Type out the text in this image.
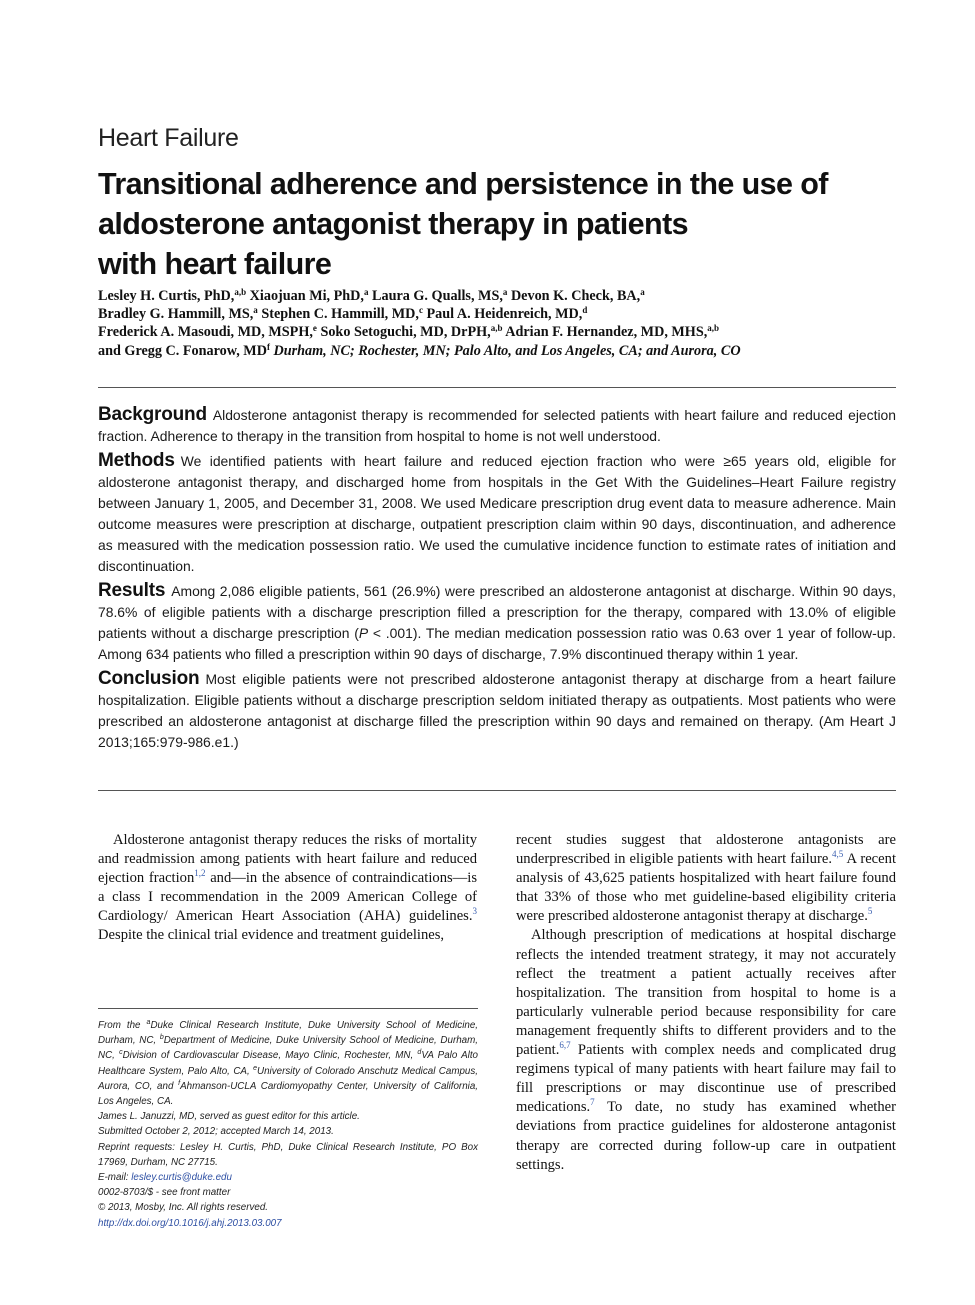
Heart Failure
Transitional adherence and persistence in the use of
aldosterone antagonist therapy in patients
with heart failure
Lesley H. Curtis, PhD,$^{a,b}$ Xiaojuan Mi, PhD,$^a$ Laura G. Qualls, MS,$^a$ Devon K. Check, BA,$^a$
Bradley G. Hammill, MS,$^a$ Stephen C. Hammill, MD,$^c$ Paul A. Heidenreich, MD,$^d$
Frederick A. Masoudi, MD, MSPH,$^e$ Soko Setoguchi, MD, DrPH,$^{a,b}$ Adrian F. Hernandez, MD, MHS,$^{a,b}$
and Gregg C. Fonarow, $MD^f$ Durham, NC; Rochester, MN; Palo Alto, and Los Angeles, CA; and Aurora, CO

Background Aldosterone antagonist therapy is recommended for selected patients with heart failure and reduced ejection fraction. Adherence to therapy in the transition from hospital to home is not well understood.

Methods We identified patients with heart failure and reduced ejection fraction who were ≥65 years old, eligible for aldosterone antagonist therapy, and discharged home from hospitals in the Get With the Guidelines–Heart Failure registry between January 1, 2005, and December 31, 2008. We used Medicare prescription drug event data to measure adherence. Main outcome measures were prescription at discharge, outpatient prescription claim within 90 days, discontinuation, and adherence as measured with the medication possession ratio. We used the cumulative incidence function to estimate rates of initiation and discontinuation.

Results Among 2,086 eligible patients, 561 (26.9%) were prescribed an aldosterone antagonist at discharge. Within 90 days, 78.6% of eligible patients with a discharge prescription filled a prescription for the therapy, compared with 13.0% of eligible patients without a discharge prescription (P < .001). The median medication possession ratio was 0.63 over 1 year of follow-up. Among 634 patients who filled a prescription within 90 days of discharge, 7.9% discontinued therapy within 1 year.

Conclusion Most eligible patients were not prescribed aldosterone antagonist therapy at discharge from a heart failure hospitalization. Eligible patients without a discharge prescription seldom initiated therapy as outpatients. Most patients who were prescribed an aldosterone antagonist at discharge filled the prescription within 90 days and remained on therapy. (Am Heart J 2013;165:979-986.e1.)

Aldosterone antagonist therapy reduces the risks of mortality and readmission among patients with heart failure and reduced ejection fraction$^{1,2}$ and—in the absence of contraindications—is a class I recommendation in the 2009 American College of Cardiology/ American Heart Association (AHA) guidelines.$^3$ Despite the clinical trial evidence and treatment guidelines,

From the $^a$Duke Clinical Research Institute, Duke University School of Medicine, Durham, NC, $^b$Department of Medicine, Duke University School of Medicine, Durham, NC, $^c$Division of Cardiovascular Disease, Mayo Clinic, Rochester, MN, $^d$VA Palo Alto Healthcare System, Palo Alto, CA, $^e$University of Colorado Anschutz Medical Campus, Aurora, CO, and $^f$Ahmanson-UCLA Cardiomyopathy Center, University of California, Los Angeles, CA.

James L. Januzzi, MD, served as guest editor for this article.

Submitted October 2, 2012; accepted March 14, 2013.

Reprint requests: Lesley H. Curtis, PhD, Duke Clinical Research Institute, PO Box 17969, Durham, NC 27715.

E-mail: lesley.curtis@duke.edu

0002-8703/$ - see front matter

© 2013, Mosby, Inc. All rights reserved.

http://dx.doi.org/10.1016/j.ahj.2013.03.007

recent studies suggest that aldosterone antagonists are underprescribed in eligible patients with heart failure.$^{4,5}$ A recent analysis of 43,625 patients hospitalized with heart failure found that 33% of those who met guideline-based eligibility criteria were prescribed aldosterone antagonist therapy at discharge.$^5$

Although prescription of medications at hospital discharge reflects the intended treatment strategy, it may not accurately reflect the treatment a patient actually receives after hospitalization. The transition from hospital to home is a particularly vulnerable period because responsibility for care management frequently shifts to different providers and to the patient.$^{6,7}$ Patients with complex needs and complicated drug regimens typical of many patients with heart failure may fail to fill prescriptions or may discontinue use of prescribed medications.$^7$ To date, no study has examined whether deviations from practice guidelines for aldosterone antagonist therapy are corrected during follow-up care in outpatient settings.
